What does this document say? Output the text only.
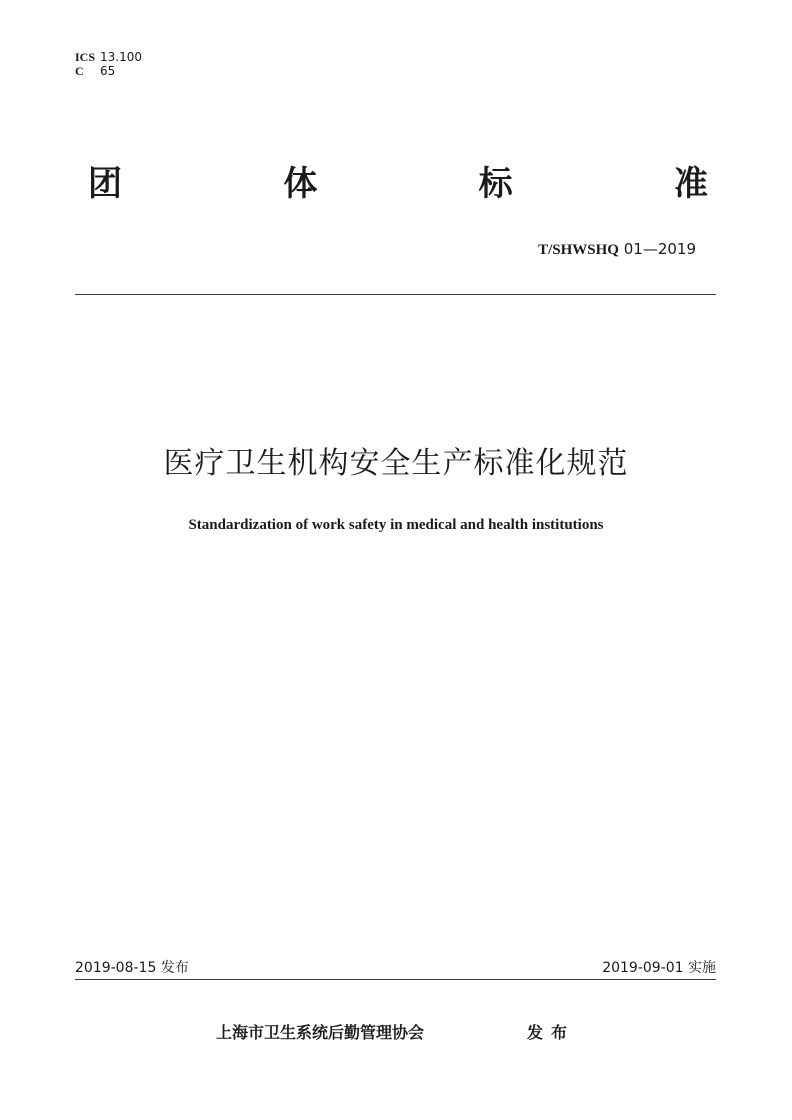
ICS 13.100
C 65
团	体	标	准
T/SHWSHQ 01—2019
医疗卫生机构安全生产标准化规范
Standardization of work safety in medical and health institutions
2019-08-15 发布	2019-09-01 实施
上海市卫生系统后勤管理协会	发布
